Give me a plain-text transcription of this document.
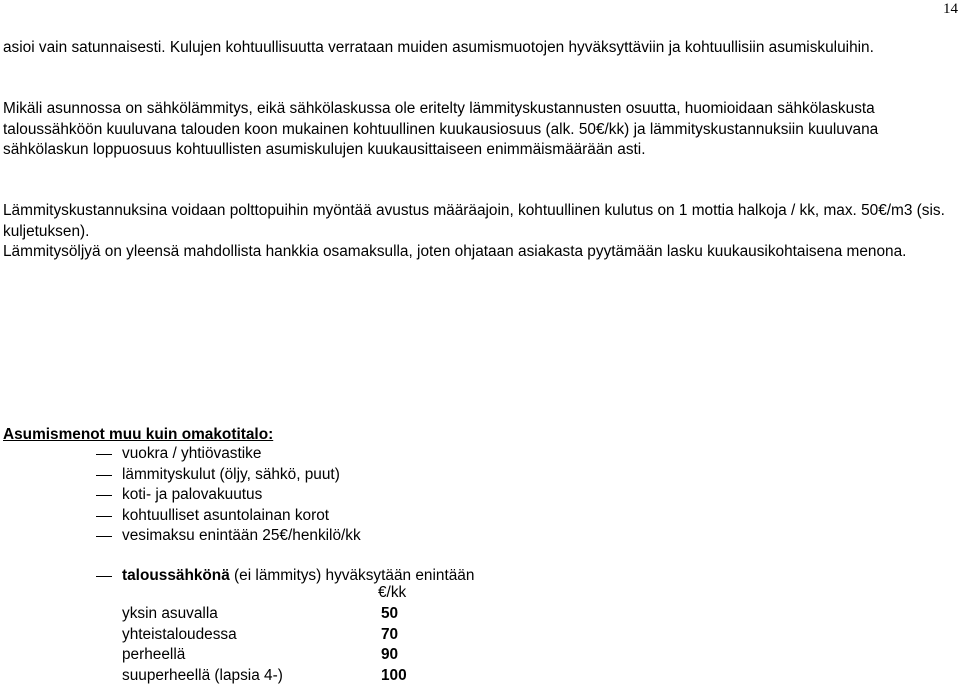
14

asioi vain satunnaisesti. Kulujen kohtuullisuutta verrataan muiden asumismuotojen hyväksyttäviin ja kohtuullisiin asumiskuluihin.

Mikäli asunnossa on sähkölämmitys, eikä sähkölaskussa ole eritelty lämmityskustannusten osuutta, huomioidaan sähkölaskusta taloussähköön kuuluvana talouden koon mukainen kohtuullinen kuukausiosuus (alk. 50€/kk) ja lämmityskustannuksiin kuuluvana sähkölaskun loppuosuus kohtuullisten asumiskulujen kuukausittaiseen enimmäismäärään asti.

Lämmityskustannuksina voidaan polttopuihin myöntää avustus määräajoin, kohtuullinen kulutus on 1 mottia halkoja / kk, max. 50€/m3 (sis. kuljetuksen).

Lämmitysöljyä on yleensä mahdollista hankkia osamaksulla, joten ohjataan asiakasta pyytämään lasku kuukausikohtaisena menona.

Asumismenot muu kuin omakotitalo:

vuokra / yhtiövastike
lämmityskulut (öljy, sähkö, puut)
koti- ja palovakuutus
kohtuulliset asuntolainan korot
vesimaksu enintään 25€/henkilö/kk
taloussähkönä (ei lämmitys) hyväksytään enintään
€/kk
yksin asuvalla	50
yhteistaloudessa	70
perheellä	90
suuperheellä (lapsia 4-)	100
